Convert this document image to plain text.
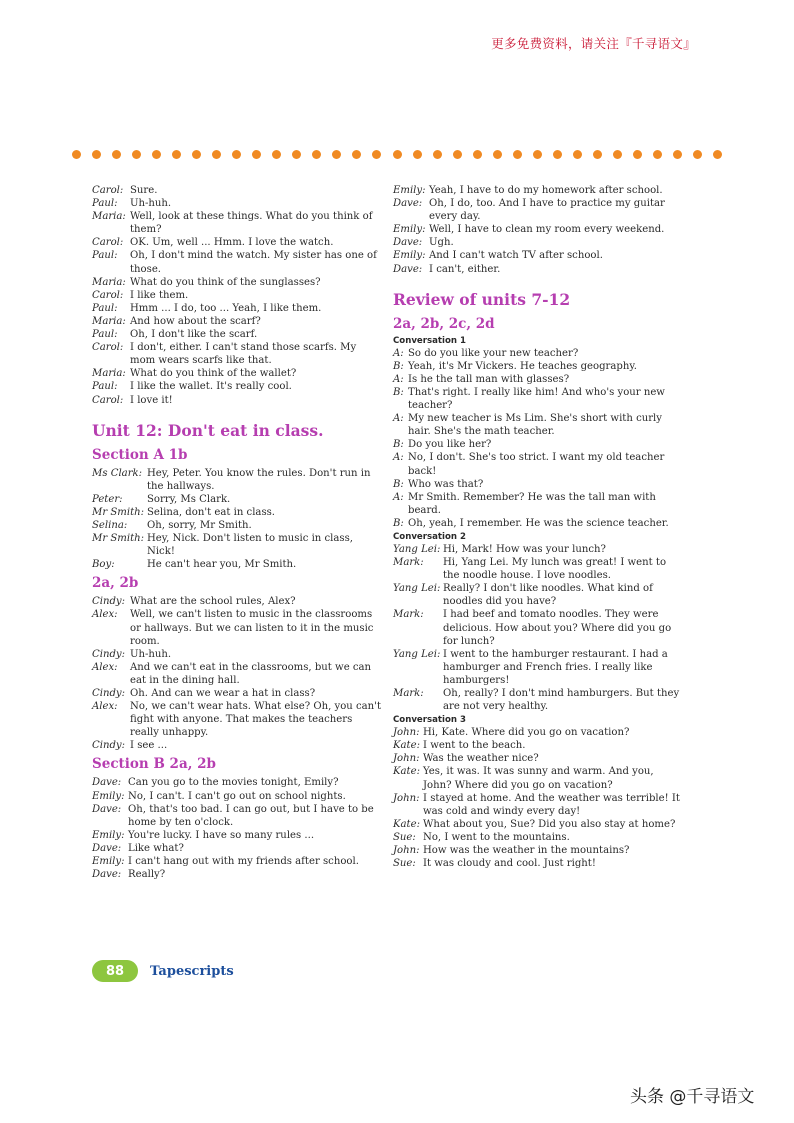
更多免费资料，请关注『千寻语文』
Carol: Sure.
Paul:	Uh-huh.
Maria: Well, look at these things. What do you think of them?
Carol: OK. Um, well ... Hmm. I love the watch.
Paul:	Oh, I don't mind the watch. My sister has one of those.
Maria: What do you think of the sunglasses?
Carol: I like them.
Paul:	Hmm ... I do, too ... Yeah, I like them.
Maria: And how about the scarf?
Paul:	Oh, I don't like the scarf.
Carol: I don't, either. I can't stand those scarfs. My mom wears scarfs like that.
Maria: What do you think of the wallet?
Paul:	I like the wallet. It's really cool.
Carol: I love it!
Unit 12: Don't eat in class.
Section A 1b
Ms Clark: Hey, Peter. You know the rules. Don't run in the hallways.
Peter:	Sorry, Ms Clark.
Mr Smith: Selina, don't eat in class.
Selina:	Oh, sorry, Mr Smith.
Mr Smith: Hey, Nick. Don't listen to music in class, Nick!
Boy:	He can't hear you, Mr Smith.
2a, 2b
Cindy: What are the school rules, Alex?
Alex:	Well, we can't listen to music in the classrooms or hallways. But we can listen to it in the music room.
Cindy: Uh-huh.
Alex:	And we can't eat in the classrooms, but we can eat in the dining hall.
Cindy: Oh. And can we wear a hat in class?
Alex:	No, we can't wear hats. What else? Oh, you can't fight with anyone. That makes the teachers really unhappy.
Cindy: I see ...
Section B 2a, 2b
Dave: Can you go to the movies tonight, Emily?
Emily: No, I can't. I can't go out on school nights.
Dave: Oh, that's too bad. I can go out, but I have to be home by ten o'clock.
Emily: You're lucky. I have so many rules ...
Dave: Like what?
Emily: I can't hang out with my friends after school.
Dave: Really?
Emily: Yeah, I have to do my homework after school.
Dave: Oh, I do, too. And I have to practice my guitar every day.
Emily: Well, I have to clean my room every weekend.
Dave: Ugh.
Emily: And I can't watch TV after school.
Dave: I can't, either.
Review of units 7-12
2a, 2b, 2c, 2d
Conversation 1
A: So do you like your new teacher?
B: Yeah, it's Mr Vickers. He teaches geography.
A: Is he the tall man with glasses?
B: That's right. I really like him! And who's your new teacher?
A: My new teacher is Ms Lim. She's short with curly hair. She's the math teacher.
B: Do you like her?
A: No, I don't. She's too strict. I want my old teacher back!
B: Who was that?
A: Mr Smith. Remember? He was the tall man with beard.
B: Oh, yeah, I remember. He was the science teacher.
Conversation 2
Yang Lei: Hi, Mark! How was your lunch?
Mark:	Hi, Yang Lei. My lunch was great! I went to the noodle house. I love noodles.
Yang Lei: Really? I don't like noodles. What kind of noodles did you have?
Mark:	I had beef and tomato noodles. They were delicious. How about you? Where did you go for lunch?
Yang Lei: I went to the hamburger restaurant. I had a hamburger and French fries. I really like hamburgers!
Mark:	Oh, really? I don't mind hamburgers. But they are not very healthy.
Conversation 3
John: Hi, Kate. Where did you go on vacation?
Kate: I went to the beach.
John: Was the weather nice?
Kate: Yes, it was. It was sunny and warm. And you, John? Where did you go on vacation?
John: I stayed at home. And the weather was terrible! It was cold and windy every day!
Kate: What about you, Sue? Did you also stay at home?
Sue: No, I went to the mountains.
John: How was the weather in the mountains?
Sue: It was cloudy and cool. Just right!
88	Tapescripts
头条 @千寻语文
